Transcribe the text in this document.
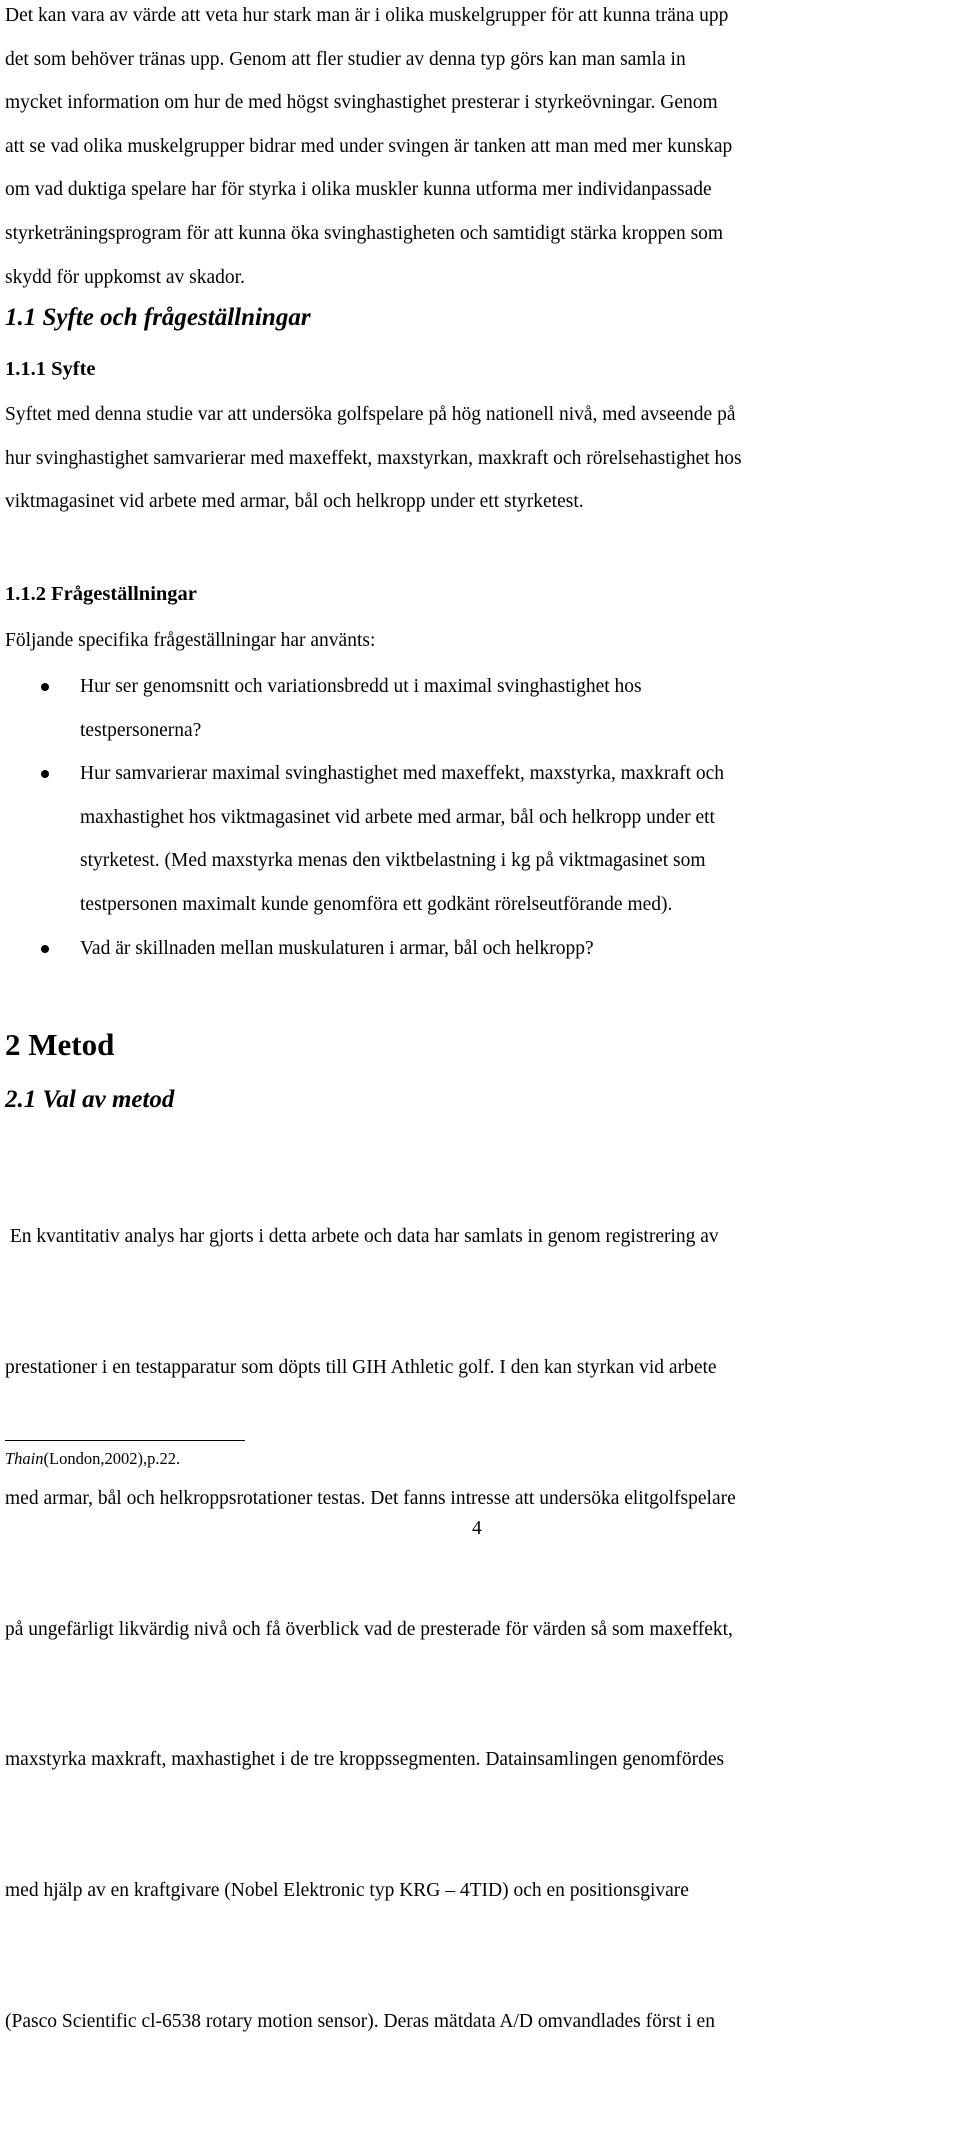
Det kan vara av värde att veta hur stark man är i olika muskelgrupper för att kunna träna upp
det som behöver tränas upp. Genom att fler studier av denna typ görs kan man samla in
mycket information om hur de med högst svinghastighet presterar i styrkeövningar. Genom
att se vad olika muskelgrupper bidrar med under svingen är tanken att man med mer kunskap
om vad duktiga spelare har för styrka i olika muskler kunna utforma mer individanpassade
styrketräningsprogram för att kunna öka svinghastigheten och samtidigt stärka kroppen som
skydd för uppkomst av skador.
1.1 Syfte och frågeställningar
1.1.1 Syfte
Syftet med denna studie var att undersöka golfspelare på hög nationell nivå, med avseende på
hur svinghastighet samvarierar med maxeffekt, maxstyrkan, maxkraft och rörelsehastighet hos
viktmagasinet vid arbete med armar, bål och helkropp under ett styrketest.
1.1.2 Frågeställningar
Följande specifika frågeställningar har använts:
Hur ser genomsnitt och variationsbredd ut i maximal svinghastighet hos
testpersonerna?
Hur samvarierar maximal svinghastighet med maxeffekt, maxstyrka, maxkraft och
maxhastighet hos viktmagasinet vid arbete med armar, bål och helkropp under ett
styrketest. (Med maxstyrka menas den viktbelastning i kg på viktmagasinet som
testpersonen maximalt kunde genomföra ett godkänt rörelseutförande med).
Vad är skillnaden mellan muskulaturen i armar, bål och helkropp?
2 Metod
2.1 Val av metod

En kvantitativ analys har gjorts i detta arbete och data har samlats in genom registrering av

prestationer i en testapparatur som döpts till GIH Athletic golf. I den kan styrkan vid arbete

med armar, bål och helkroppsrotationer testas. Det fanns intresse att undersöka elitgolfspelare

på ungefärligt likvärdig nivå och få överblick vad de presterade för värden så som maxeffekt,

maxstyrka maxkraft, maxhastighet i de tre kroppssegmenten. Datainsamlingen genomfördes

med hjälp av en kraftgivare (Nobel Elektronic typ KRG – 4TID) och en positionsgivare

(Pasco Scientific cl-6538 rotary motion sensor). Deras mätdata A/D omvandlades först i en

Thain(London,2002),p.22.
4
